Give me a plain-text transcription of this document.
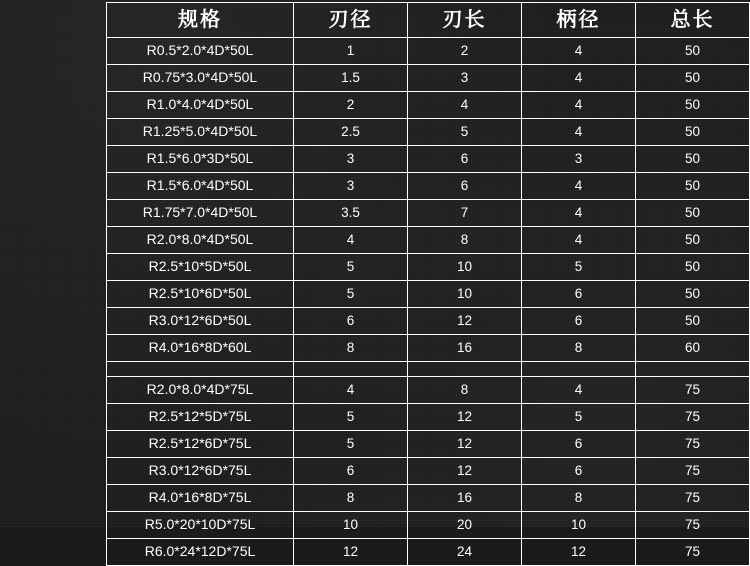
规格	刃径	刃长	柄径	总长
R0.5*2.0*4D*50L	1	2	4	50
R0.75*3.0*4D*50L	1.5	3	4	50
R1.0*4.0*4D*50L	2	4	4	50
R1.25*5.0*4D*50L	2.5	5	4	50
R1.5*6.0*3D*50L	3	6	3	50
R1.5*6.0*4D*50L	3	6	4	50
R1.75*7.0*4D*50L	3.5	7	4	50
R2.0*8.0*4D*50L	4	8	4	50
R2.5*10*5D*50L	5	10	5	50
R2.5*10*6D*50L	5	10	6	50
R3.0*12*6D*50L	6	12	6	50
R4.0*16*8D*60L	8	16	8	60

R2.0*8.0*4D*75L	4	8	4	75
R2.5*12*5D*75L	5	12	5	75
R2.5*12*6D*75L	5	12	6	75
R3.0*12*6D*75L	6	12	6	75
R4.0*16*8D*75L	8	16	8	75
R5.0*20*10D*75L	10	20	10	75
R6.0*24*12D*75L	12	24	12	75
